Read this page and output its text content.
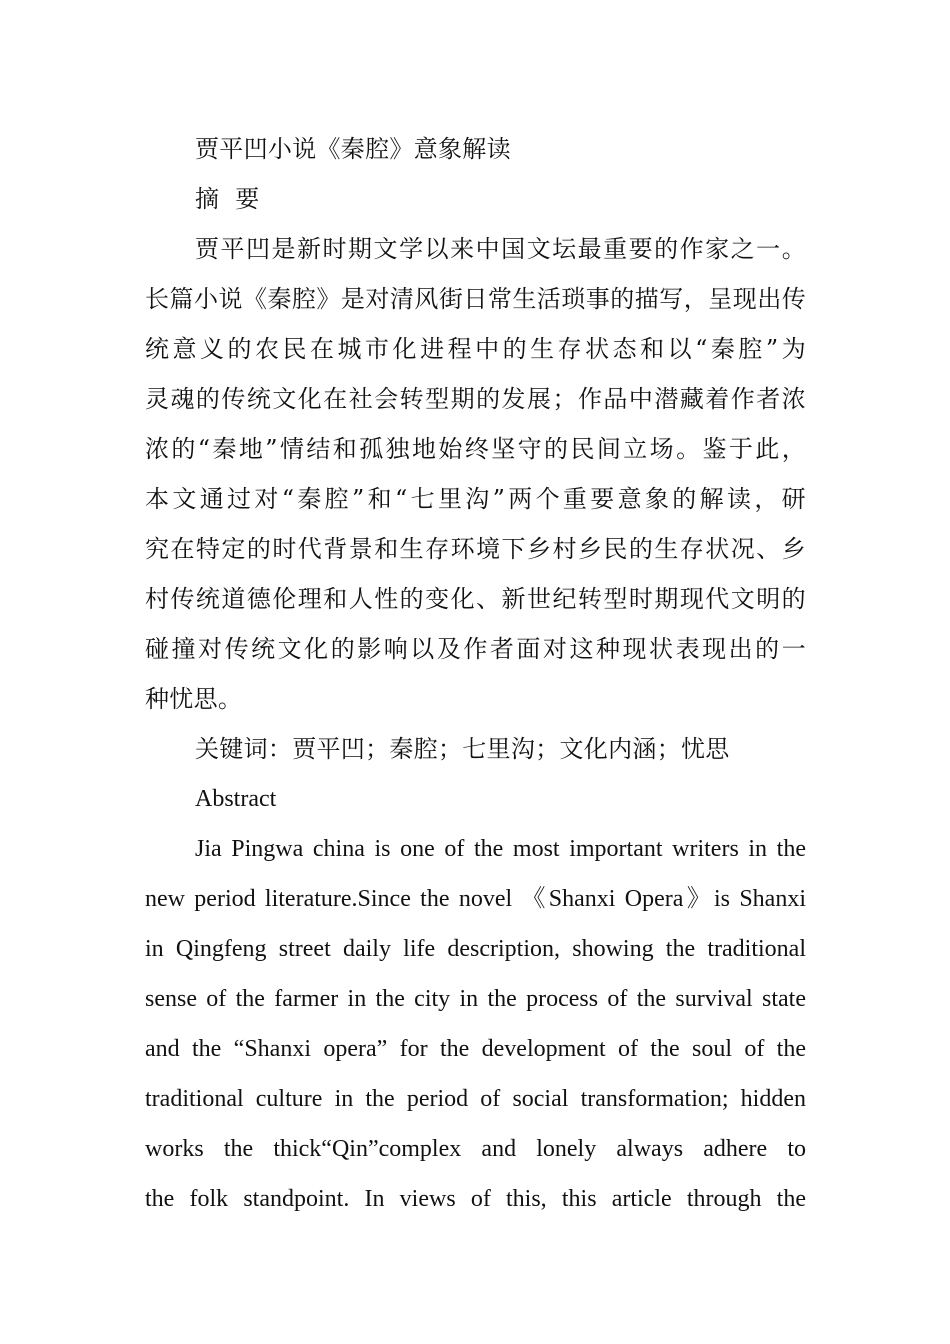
贾平凹小说《秦腔》意象解读
摘 要
贾平凹是新时期文学以来中国文坛最重要的作家之一。
长篇小说《秦腔》是对清风街日常生活琐事的描写，呈现出传
统意义的农民在城市化进程中的生存状态和以“秦腔”为
灵魂的传统文化在社会转型期的发展；作品中潜藏着作者浓
浓的“秦地”情结和孤独地始终坚守的民间立场。鉴于此，
本文通过对“秦腔”和“七里沟”两个重要意象的解读，研
究在特定的时代背景和生存环境下乡村乡民的生存状况、乡
村传统道德伦理和人性的变化、新世纪转型时期现代文明的
碰撞对传统文化的影响以及作者面对这种现状表现出的一
种忧思。
关键词：贾平凹；秦腔；七里沟；文化内涵；忧思
Abstract
Jia Pingwa china is one of the most important writers in the
new period literature.Since the novel 《Shanxi Opera》is Shanxi
in Qingfeng street daily life description, showing the traditional
sense of the farmer in the city in the process of the survival state
and the “Shanxi opera” for the development of the soul of the
traditional culture in the period of social transformation; hidden
works the thick“Qin”complex and lonely always adhere to
the folk standpoint. In views of this, this article through the
